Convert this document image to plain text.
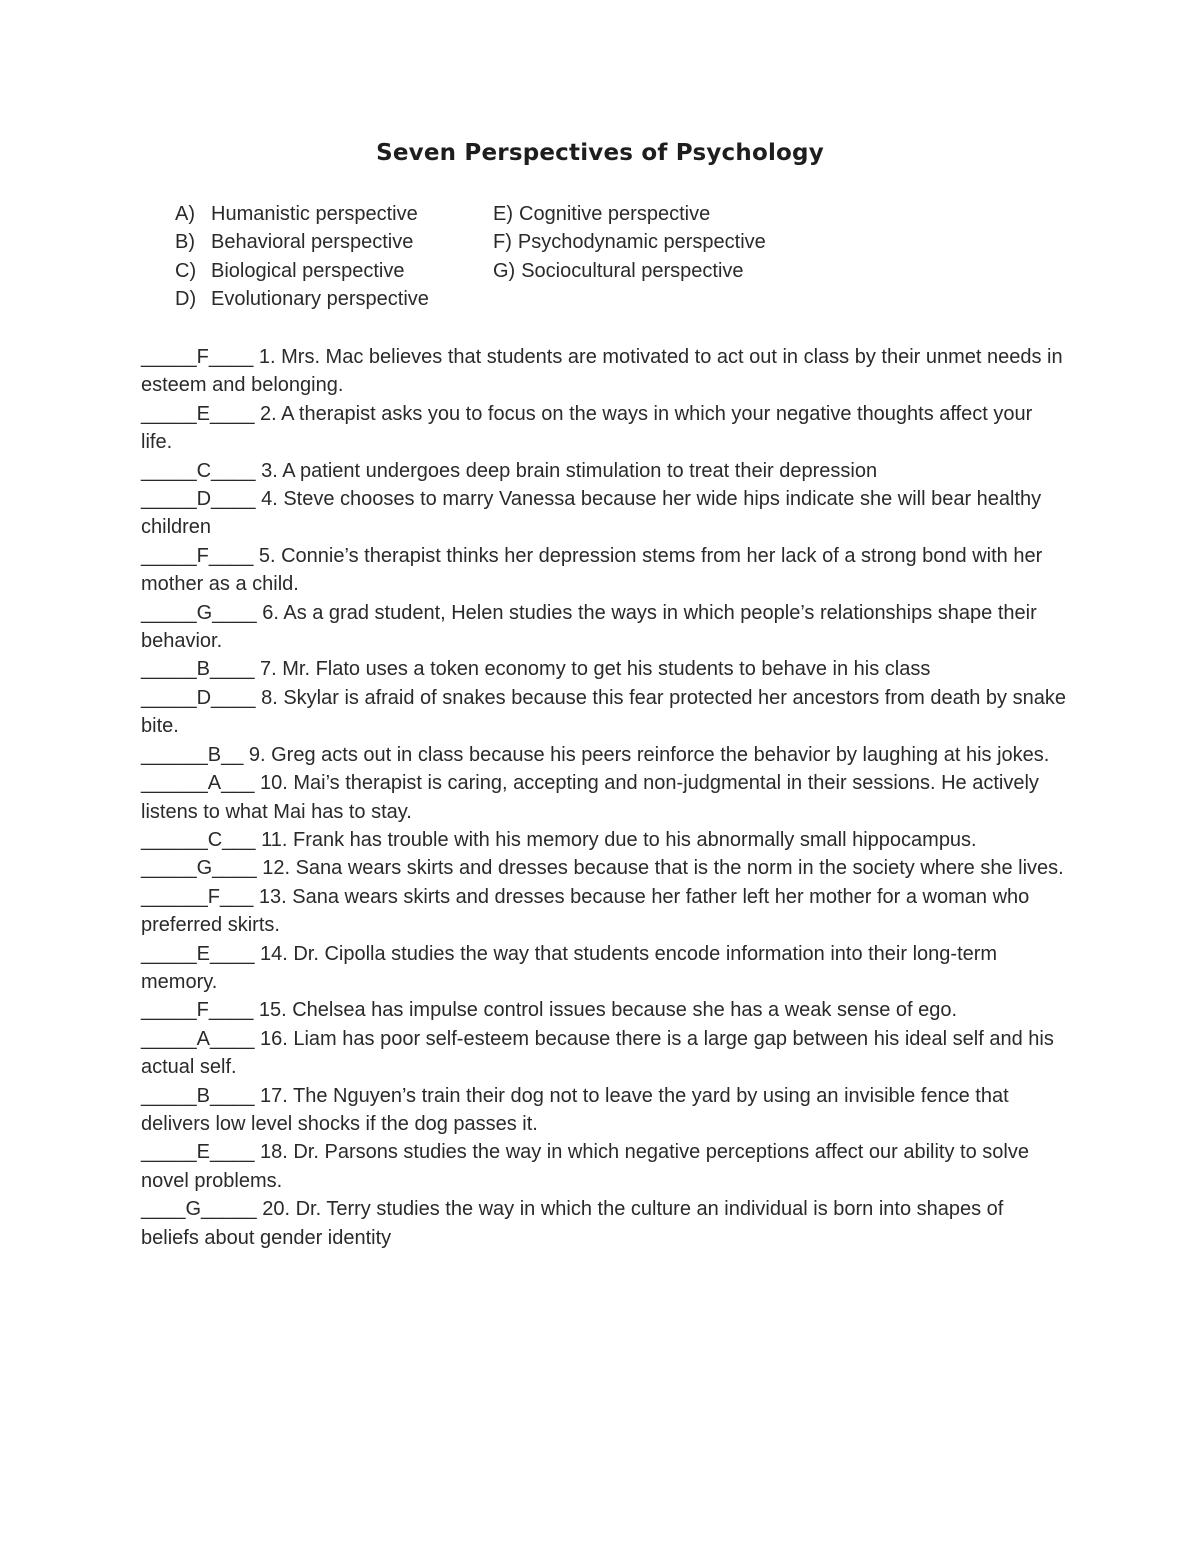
Seven Perspectives of Psychology
A) Humanistic perspective
B) Behavioral perspective
C) Biological perspective
D) Evolutionary perspective
E) Cognitive perspective
F) Psychodynamic perspective
G) Sociocultural perspective

_____F____ 1. Mrs. Mac believes that students are motivated to act out in class by their unmet needs in esteem and belonging.

_____E____ 2. A therapist asks you to focus on the ways in which your negative thoughts affect your life.

_____C____ 3. A patient undergoes deep brain stimulation to treat their depression

_____D____ 4. Steve chooses to marry Vanessa because her wide hips indicate she will bear healthy children

_____F____ 5. Connie’s therapist thinks her depression stems from her lack of a strong bond with her mother as a child.

_____G____ 6. As a grad student, Helen studies the ways in which people’s relationships shape their behavior.

_____B____ 7. Mr. Flato uses a token economy to get his students to behave in his class

_____D____ 8. Skylar is afraid of snakes because this fear protected her ancestors from death by snake bite.

______B__ 9. Greg acts out in class because his peers reinforce the behavior by laughing at his jokes.

______A___ 10. Mai’s therapist is caring, accepting and non-judgmental in their sessions. He actively listens to what Mai has to stay.

______C___ 11. Frank has trouble with his memory due to his abnormally small hippocampus.

_____G____ 12. Sana wears skirts and dresses because that is the norm in the society where she lives.

______F___ 13. Sana wears skirts and dresses because her father left her mother for a woman who preferred skirts.

_____E____ 14. Dr. Cipolla studies the way that students encode information into their long-term memory.

_____F____ 15. Chelsea has impulse control issues because she has a weak sense of ego.

_____A____ 16. Liam has poor self-esteem because there is a large gap between his ideal self and his actual self.

_____B____ 17. The Nguyen’s train their dog not to leave the yard by using an invisible fence that delivers low level shocks if the dog passes it.

_____E____ 18. Dr. Parsons studies the way in which negative perceptions affect our ability to solve novel problems.

____G_____ 20. Dr. Terry studies the way in which the culture an individual is born into shapes of beliefs about gender identity
